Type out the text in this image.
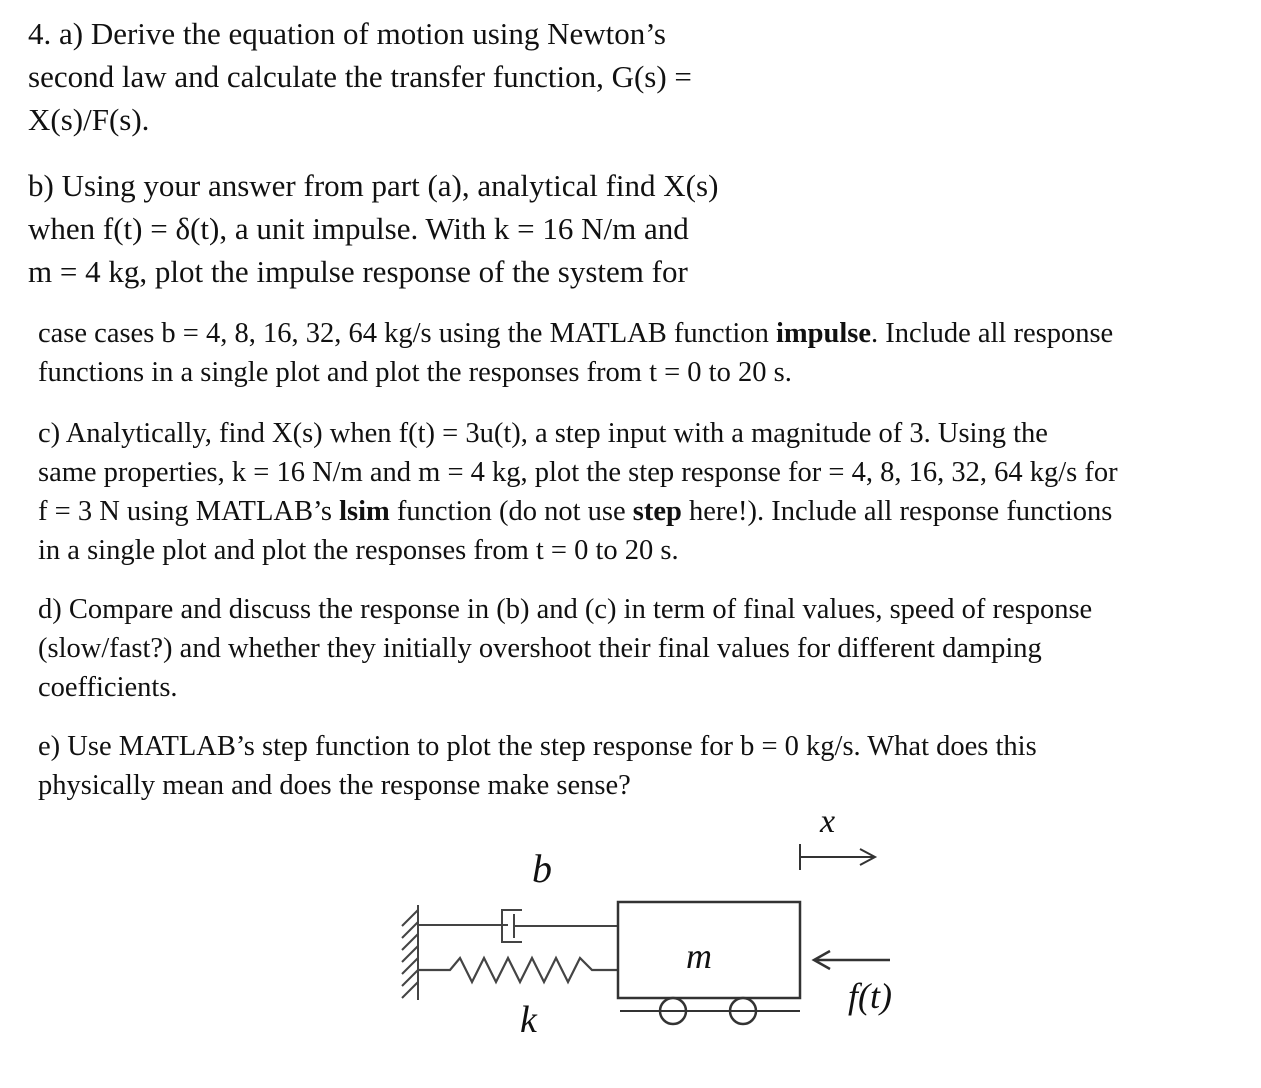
4. a) Derive the equation of motion using Newton’s
second law and calculate the transfer function, G(s) =
X(s)/F(s).
b) Using your answer from part (a), analytical find X(s)
when f(t) = δ(t), a unit impulse. With k = 16 N/m and
m = 4 kg, plot the impulse response of the system for
case cases b = 4, 8, 16, 32, 64 kg/s using the MATLAB function impulse. Include all response
functions in a single plot and plot the responses from t = 0 to 20 s.
c) Analytically, find X(s) when f(t) = 3u(t), a step input with a magnitude of 3. Using the
same properties, k = 16 N/m and m = 4 kg, plot the step response for = 4, 8, 16, 32, 64 kg/s for
f = 3 N using MATLAB’s lsim function (do not use step here!). Include all response functions
in a single plot and plot the responses from t = 0 to 20 s.
d) Compare and discuss the response in (b) and (c) in term of final values, speed of response
(slow/fast?) and whether they initially overshoot their final values for different damping
coefficients.
e) Use MATLAB’s step function to plot the step response for b = 0 kg/s. What does this
physically mean and does the response make sense?
b
k
m
x
f(t)
